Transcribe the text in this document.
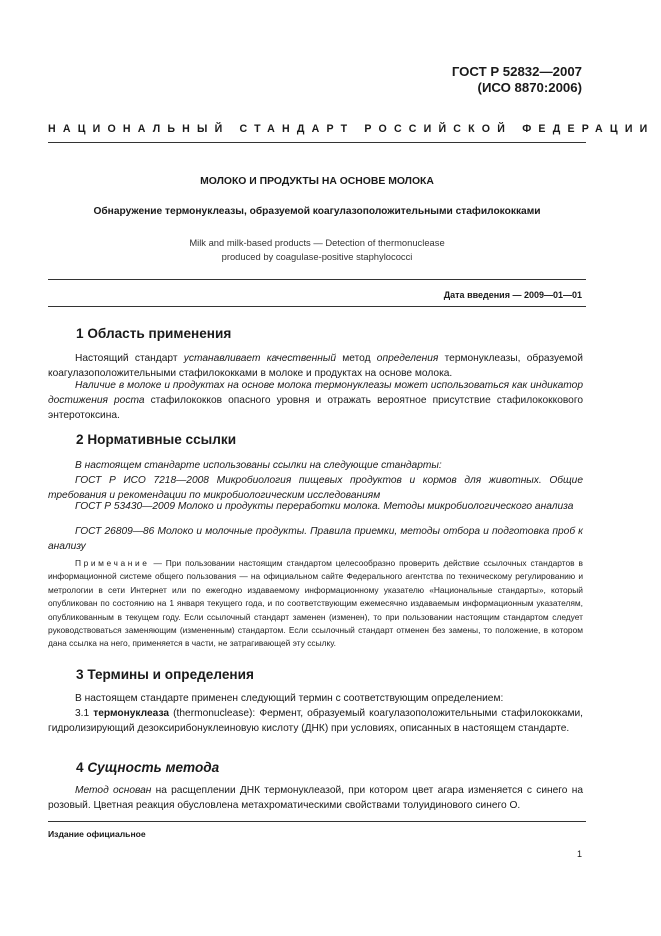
ГОСТ Р 52832—2007
(ИСО 8870:2006)
НАЦИОНАЛЬНЫЙ СТАНДАРТ РОССИЙСКОЙ ФЕДЕРАЦИИ
МОЛОКО И ПРОДУКТЫ НА ОСНОВЕ МОЛОКА
Обнаружение термонуклеазы, образуемой коагулазоположительными стафилококками
Milk and milk-based products — Detection of thermonuclease
produced by coagulase-positive staphylococci
Дата введения — 2009—01—01
1 Область применения
Настоящий стандарт устанавливает качественный метод определения термонуклеазы, образуемой коагулазоположительными стафилококками в молоке и продуктах на основе молока.
Наличие в молоке и продуктах на основе молока термонуклеазы может использоваться как индикатор достижения роста стафилококков опасного уровня и отражать вероятное присутствие стафилококкового энтеротоксина.
2 Нормативные ссылки
В настоящем стандарте использованы ссылки на следующие стандарты:
ГОСТ Р ИСО 7218—2008 Микробиология пищевых продуктов и кормов для животных. Общие требования и рекомендации по микробиологическим исследованиям
ГОСТ Р 53430—2009 Молоко и продукты переработки молока. Методы микробиологического анализа
ГОСТ 26809—86 Молоко и молочные продукты. Правила приемки, методы отбора и подготовка проб к анализу
Примечание — При пользовании настоящим стандартом целесообразно проверить действие ссылочных стандартов в информационной системе общего пользования — на официальном сайте Федерального агентства по техническому регулированию и метрологии в сети Интернет или по ежегодно издаваемому информационному указателю «Национальные стандарты», который опубликован по состоянию на 1 января текущего года, и по соответствующим ежемесячно издаваемым информационным указателям, опубликованным в текущем году. Если ссылочный стандарт заменен (изменен), то при пользовании настоящим стандартом следует руководствоваться заменяющим (измененным) стандартом. Если ссылочный стандарт отменен без замены, то положение, в котором дана ссылка на него, применяется в части, не затрагивающей эту ссылку.
3 Термины и определения
В настоящем стандарте применен следующий термин с соответствующим определением:
3.1 термонуклеаза (thermonuclease): Фермент, образуемый коагулазоположительными стафилококками, гидролизирующий дезоксирибонуклеиновую кислоту (ДНК) при условиях, описанных в настоящем стандарте.
4 Сущность метода
Метод основан на расщеплении ДНК термонуклеазой, при котором цвет агара изменяется с синего на розовый. Цветная реакция обусловлена метахроматическими свойствами толуидинового синего О.
Издание официальное
1
